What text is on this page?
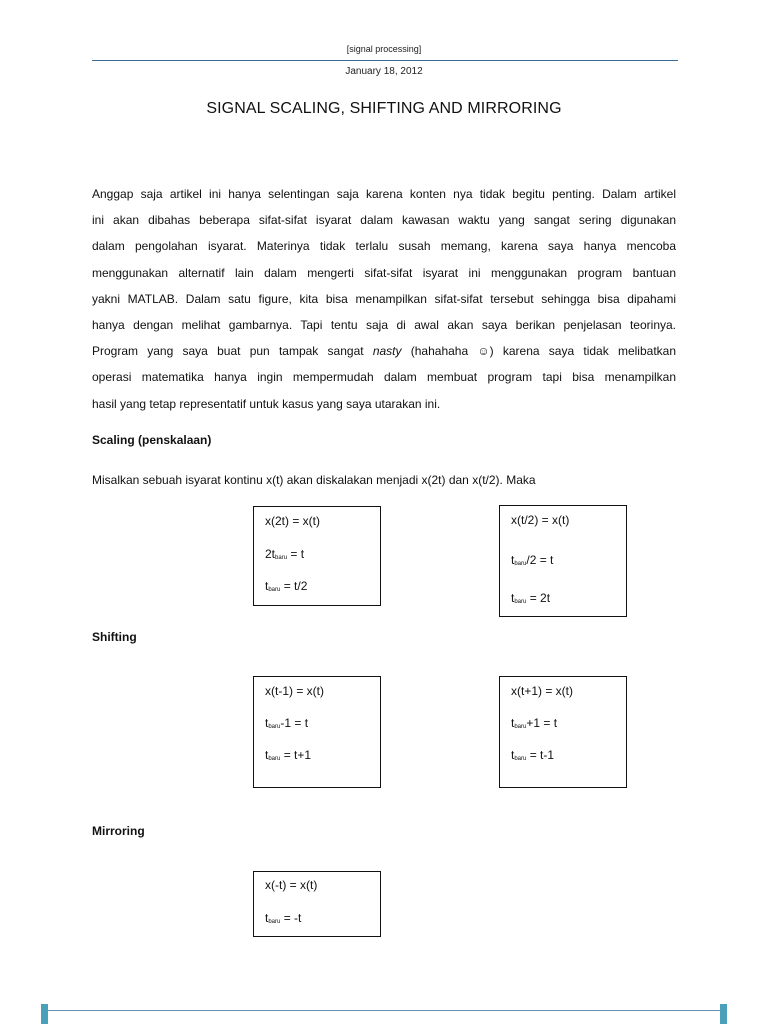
[signal processing]
January 18, 2012
SIGNAL SCALING, SHIFTING AND MIRRORING
Anggap saja artikel ini hanya selentingan saja karena konten nya tidak begitu penting. Dalam artikel
ini akan dibahas beberapa sifat-sifat isyarat dalam kawasan waktu yang sangat sering digunakan
dalam pengolahan isyarat. Materinya tidak terlalu susah memang, karena saya hanya mencoba
menggunakan alternatif lain dalam mengerti sifat-sifat isyarat ini menggunakan program bantuan
yakni MATLAB. Dalam satu figure, kita bisa menampilkan sifat-sifat tersebut sehingga bisa dipahami
hanya dengan melihat gambarnya. Tapi tentu saja di awal akan saya berikan penjelasan teorinya.
Program yang saya buat pun tampak sangat nasty (hahahaha ☺) karena saya tidak melibatkan
operasi matematika hanya ingin mempermudah dalam membuat program tapi bisa menampilkan
hasil yang tetap representatif untuk kasus yang saya utarakan ini.
Scaling (penskalaan)
Misalkan sebuah isyarat kontinu x(t) akan diskalakan menjadi x(2t) dan x(t/2). Maka
x(2t) = x(t)
$2t_{baru} = t$
$t_{baru} = t/2$
x(t/2) = x(t)
$t_{baru}/2 = t$
$t_{baru} = 2t$
Shifting
x(t-1) = x(t)
$t_{baru}-1 = t$
$t_{baru} = t+1$
x(t+1) = x(t)
$t_{baru}+1 = t$
$t_{baru} = t-1$
Mirroring
x(-t) = x(t)
$t_{baru} = -t$
